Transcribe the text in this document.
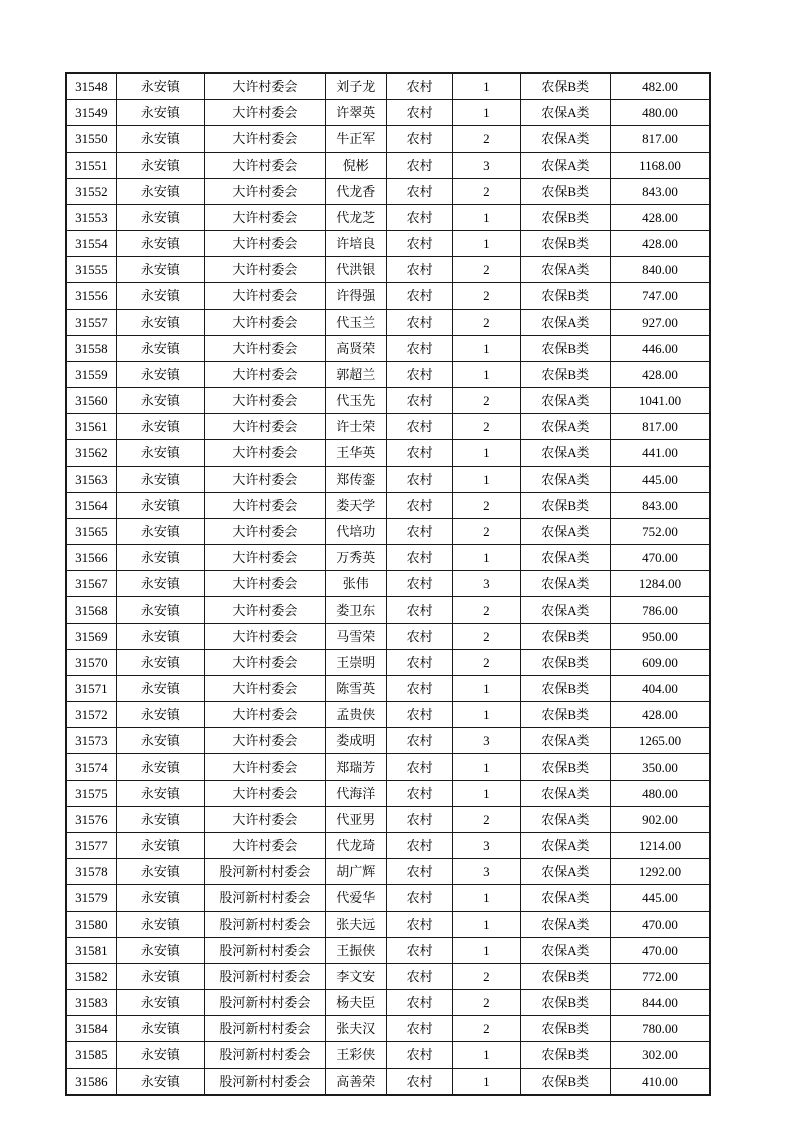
31548	永安镇	大许村委会	刘子龙	农村	1	农保B类	482.00
31549	永安镇	大许村委会	许翠英	农村	1	农保A类	480.00
31550	永安镇	大许村委会	牛正军	农村	2	农保A类	817.00
31551	永安镇	大许村委会	倪彬	农村	3	农保A类	1168.00
31552	永安镇	大许村委会	代龙香	农村	2	农保B类	843.00
31553	永安镇	大许村委会	代龙芝	农村	1	农保B类	428.00
31554	永安镇	大许村委会	许培良	农村	1	农保B类	428.00
31555	永安镇	大许村委会	代洪银	农村	2	农保A类	840.00
31556	永安镇	大许村委会	许得强	农村	2	农保B类	747.00
31557	永安镇	大许村委会	代玉兰	农村	2	农保A类	927.00
31558	永安镇	大许村委会	高贤荣	农村	1	农保B类	446.00
31559	永安镇	大许村委会	郭超兰	农村	1	农保B类	428.00
31560	永安镇	大许村委会	代玉先	农村	2	农保A类	1041.00
31561	永安镇	大许村委会	许士荣	农村	2	农保A类	817.00
31562	永安镇	大许村委会	王华英	农村	1	农保A类	441.00
31563	永安镇	大许村委会	郑传銮	农村	1	农保A类	445.00
31564	永安镇	大许村委会	娄天学	农村	2	农保B类	843.00
31565	永安镇	大许村委会	代培功	农村	2	农保A类	752.00
31566	永安镇	大许村委会	万秀英	农村	1	农保A类	470.00
31567	永安镇	大许村委会	张伟	农村	3	农保A类	1284.00
31568	永安镇	大许村委会	娄卫东	农村	2	农保A类	786.00
31569	永安镇	大许村委会	马雪荣	农村	2	农保B类	950.00
31570	永安镇	大许村委会	王崇明	农村	2	农保B类	609.00
31571	永安镇	大许村委会	陈雪英	农村	1	农保B类	404.00
31572	永安镇	大许村委会	孟贵侠	农村	1	农保B类	428.00
31573	永安镇	大许村委会	娄成明	农村	3	农保A类	1265.00
31574	永安镇	大许村委会	郑瑞芳	农村	1	农保B类	350.00
31575	永安镇	大许村委会	代海洋	农村	1	农保A类	480.00
31576	永安镇	大许村委会	代亚男	农村	2	农保A类	902.00
31577	永安镇	大许村委会	代龙琦	农村	3	农保A类	1214.00
31578	永安镇	股河新村村委会	胡广辉	农村	3	农保A类	1292.00
31579	永安镇	股河新村村委会	代爱华	农村	1	农保A类	445.00
31580	永安镇	股河新村村委会	张夫远	农村	1	农保A类	470.00
31581	永安镇	股河新村村委会	王振侠	农村	1	农保A类	470.00
31582	永安镇	股河新村村委会	李文安	农村	2	农保B类	772.00
31583	永安镇	股河新村村委会	杨夫臣	农村	2	农保B类	844.00
31584	永安镇	股河新村村委会	张夫汉	农村	2	农保B类	780.00
31585	永安镇	股河新村村委会	王彩侠	农村	1	农保B类	302.00
31586	永安镇	股河新村村委会	高善荣	农村	1	农保B类	410.00
